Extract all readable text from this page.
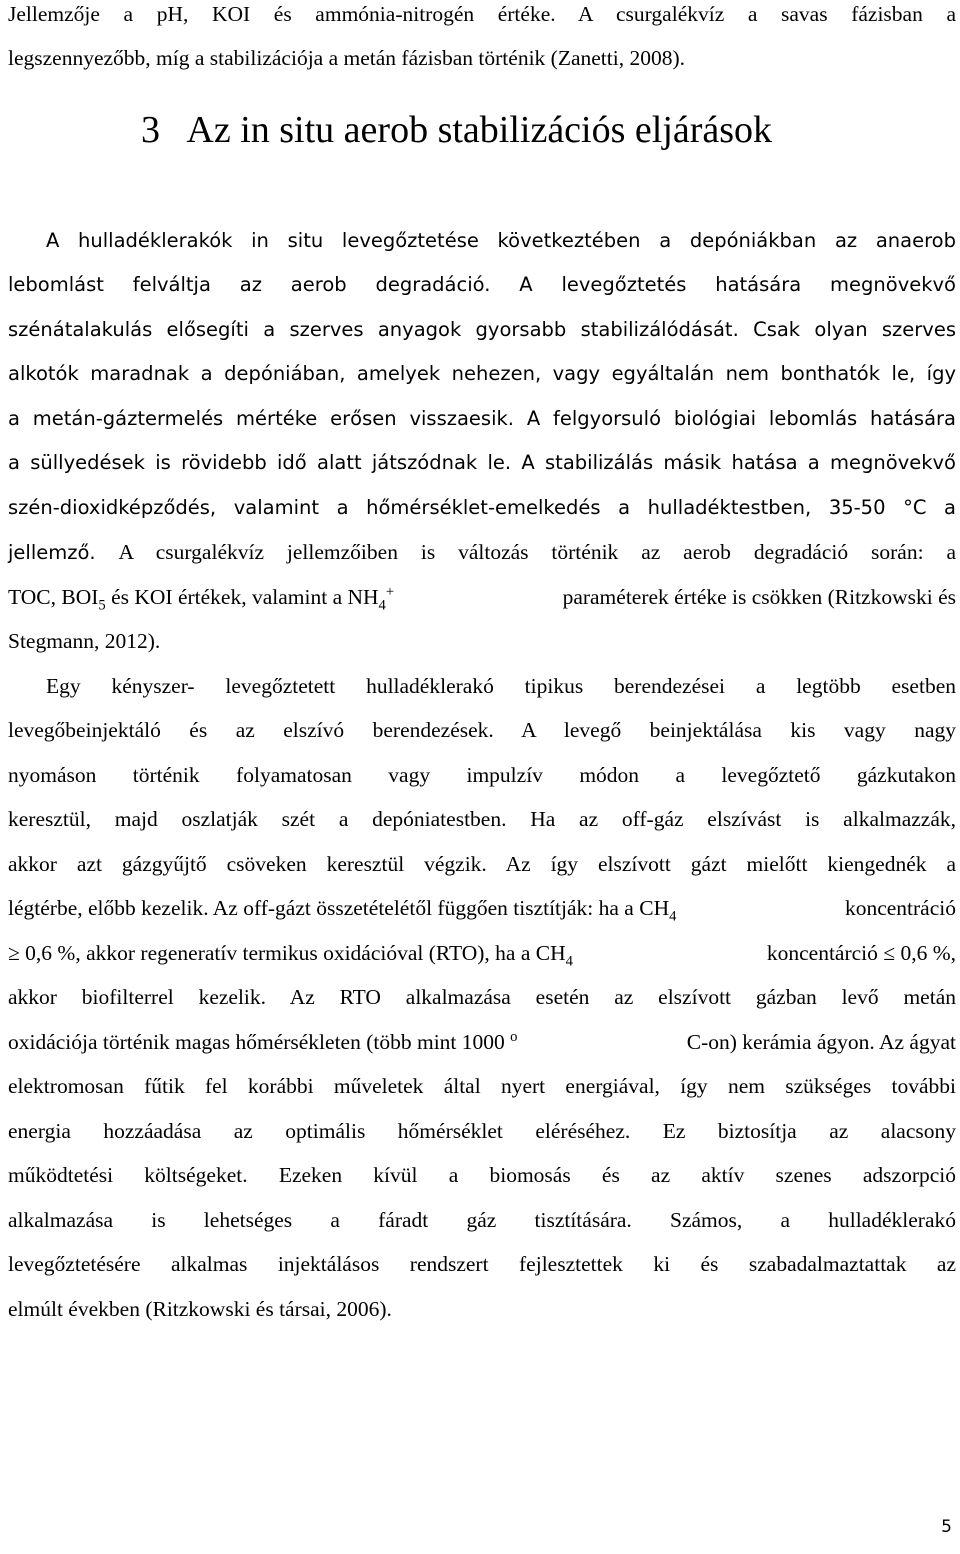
Jellemzője a pH, KOI és ammónia-nitrogén értéke. A csurgalékvíz a savas fázisban a
legszennyezőbb, míg a stabilizációja a metán fázisban történik (Zanetti, 2008).
3 Az in situ aerob stabilizációs eljárások
A hulladéklerakók in situ levegőztetése következtében a depóniákban az anaerob
lebomlást felváltja az aerob degradáció. A levegőztetés hatására megnövekvő
szénátalakulás elősegíti a szerves anyagok gyorsabb stabilizálódását. Csak olyan szerves
alkotók maradnak a depóniában, amelyek nehezen, vagy egyáltalán nem bonthatók le, így
a metán-gáztermelés mértéke erősen visszaesik. A felgyorsuló biológiai lebomlás hatására
a süllyedések is rövidebb idő alatt játszódnak le. A stabilizálás másik hatása a megnövekvő
szén-dioxidképződés, valamint a hőmérséklet-emelkedés a hulladéktestben, 35-50 °C a
jellemző. A csurgalékvíz jellemzőiben is változás történik az aerob degradáció során: a
TOC, $BOI_5$ és KOI értékek, valamint a $NH_4^+$	paraméterek értéke is csökken (Ritzkowski és
Stegmann, 2012).
Egy kényszer- levegőztetett hulladéklerakó tipikus berendezései a legtöbb esetben
levegőbeinjektáló és az elszívó berendezések. A levegő beinjektálása kis vagy nagy
nyomáson történik folyamatosan vagy impulzív módon a levegőztető gázkutakon
keresztül, majd oszlatják szét a depóniatestben. Ha az off-gáz elszívást is alkalmazzák,
akkor azt gázgyűjtő csöveken keresztül végzik. Az így elszívott gázt mielőtt kiengednék a
légtérbe, előbb kezelik. Az off-gázt összetételétől függően tisztítják: ha a $CH_4$	koncentráció
≥ 0,6 %, akkor regeneratív termikus oxidációval (RTO), ha a $CH_4$	koncentárció ≤ 0,6 %,
akkor biofilterrel kezelik. Az RTO alkalmazása esetén az elszívott gázban levő metán
oxidációja történik magas hőmérsékleten (több mint 1000 $^o$	C-on) kerámia ágyon. Az ágyat
elektromosan fűtik fel korábbi műveletek által nyert energiával, így nem szükséges további
energia hozzáadása az optimális hőmérséklet eléréséhez. Ez biztosítja az alacsony
működtetési költségeket. Ezeken kívül a biomosás és az aktív szenes adszorpció
alkalmazása is lehetséges a fáradt gáz tisztítására. Számos, a hulladéklerakó
levegőztetésére alkalmas injektálásos rendszert fejlesztettek ki és szabadalmaztattak az
elmúlt években (Ritzkowski és társai, 2006).
5
